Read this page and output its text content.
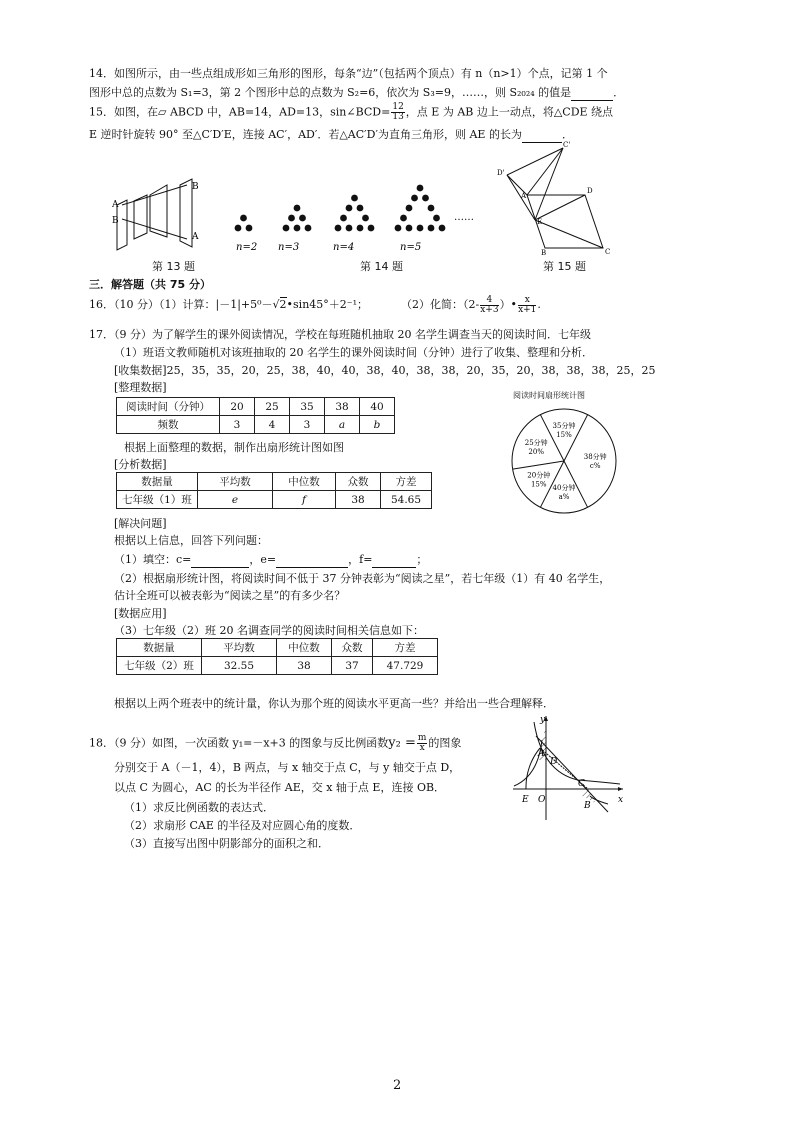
14．如图所示，由一些点组成形如三角形的图形，每条“边”（包括两个顶点）有 n（n>1）个点，记第 1 个
图形中总的点数为 S₁=3，第 2 个图形中总的点数为 S₂=6，依次为 S₃=9，……，则 S₂₀₂₄ 的值是	．
15．如图，在▱ ABCD 中，AB=14，AD=13，sin∠BCD= $\frac{12}{13}$ ，点 E 为 AB 边上一动点，将△CDE 绕点
E 逆时针旋转 90° 至△C′D′E，连接 AC′，AD′．若△AC′D′为直角三角形，则 AE 的长为	．
A
B
B
A
第 13 题
n=2 n=3	n=4	n=5
……
第 14 题
C'
D'
A
E
B
D
C
第 15 题
三．解答题（共 75 分）
16．（10 分）（1）计算：|－1|+5⁰－√2•sin45°＋2⁻¹；	（2）化简：（$2- \frac{4}{x+3}$ ）• $\frac{x}{x+1}$ .
17．（9 分）为了解学生的课外阅读情况，学校在每班随机抽取 20 名学生调查当天的阅读时间．七年级
（1）班语文教师随机对该班抽取的 20 名学生的课外阅读时间（分钟）进行了收集、整理和分析．
[收集数据]25，35，35，20，25，38，40，40，38，40，38，38，20，35，20，38，38，38，25，25
[整理数据]
阅读时间（分钟）	20	25	35	38	40
频数	3	4	3	a	b
根据上面整理的数据，制作出扇形统计图如图
[分析数据]
数据量	平均数	中位数	众数	方差
七年级（1）班	e	f	38	54.65
[解决问题]
根据以上信息，回答下列问题：
（1）填空：c=	，e=	，f=	；
（2）根据扇形统计图，将阅读时间不低于 37 分钟表彰为“阅读之星”，若七年级（1）有 40 名学生，
估计全班可以被表彰为“阅读之星”的有多少名？
[数据应用]
（3）七年级（2）班 20 名调查同学的阅读时间相关信息如下：
数据量	平均数	中位数	众数	方差
七年级（2）班	32.55	38	37	47.729
根据以上两个班表中的统计量，你认为那个班的阅读水平更高一些？并给出一些合理解释．
阅读时间扇形统计图
35分钟
15%
38分钟
c%
40分钟
a%
20分钟
15%
25分钟
20%
18．（9 分）如图，一次函数 y₁=－x+3 的图象与反比例函数$y_2 = \frac{m}{x}$ 的图象
分别交于 A（－1，4），B 两点，与 x 轴交于点 C，与 y 轴交于点 D，
以点 C 为圆心，AC 的长为半径作 AE，交 x 轴于点 E，连接 OB．
（1）求反比例函数的表达式．
（2）求扇形 CAE 的半径及对应圆心角的度数．
（3）直接写出图中阴影部分的面积之和．
y
x
A
D
C
E O
B
2
